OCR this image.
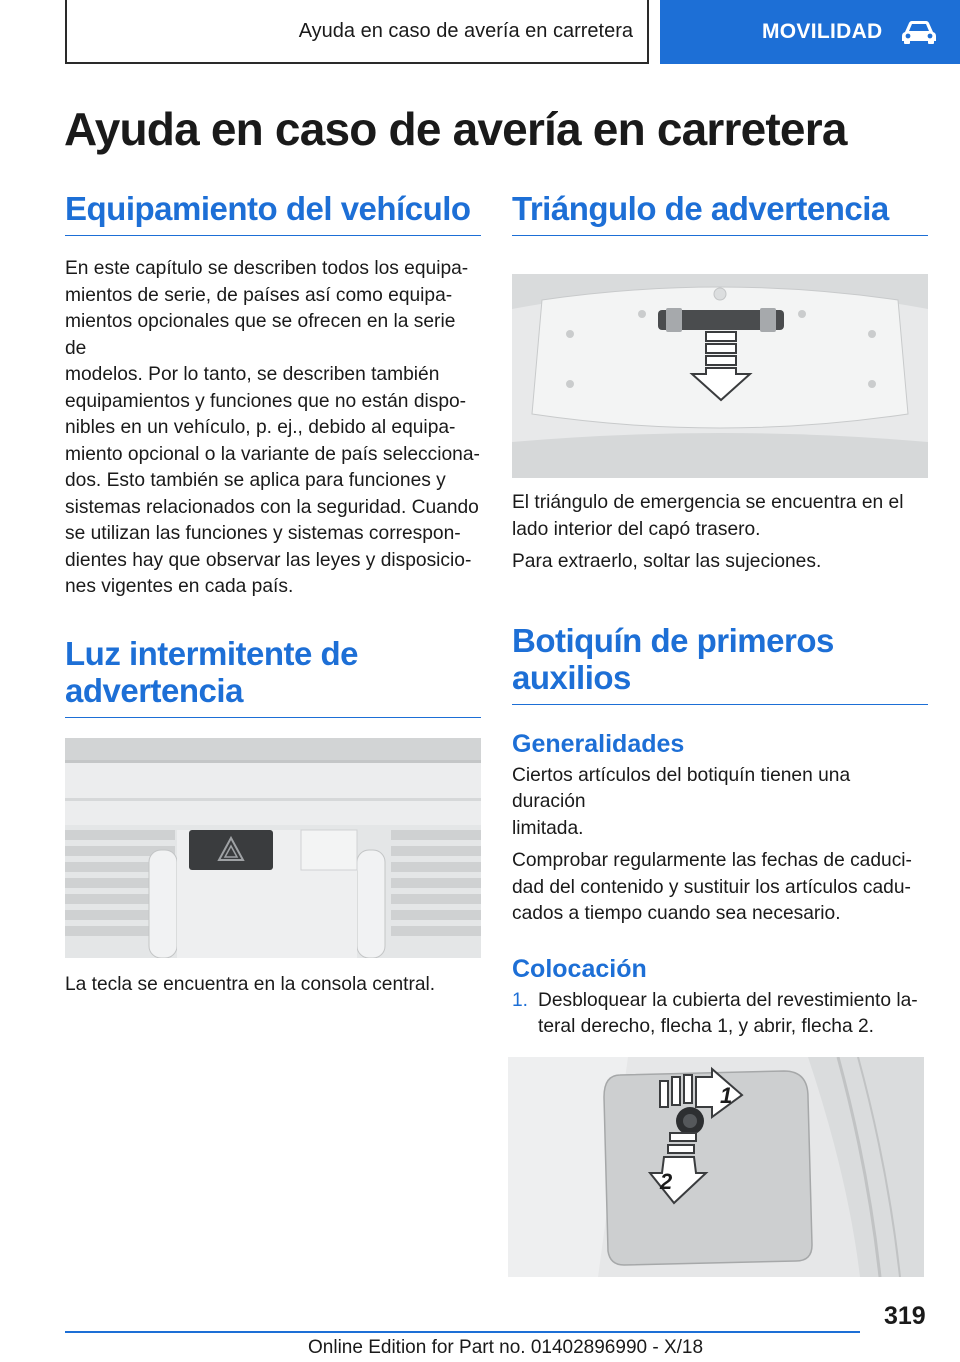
Ayuda en caso de avería en carretera	MOVILIDAD
Ayuda en caso de avería en carretera
Equipamiento del vehículo

En este capítulo se describen todos los equipa-
mientos de serie, de países así como equipa-
mientos opcionales que se ofrecen en la serie de
modelos. Por lo tanto, se describen también
equipamientos y funciones que no están dispo-
nibles en un vehículo, p. ej., debido al equipa-
miento opcional o la variante de país selecciona-
dos. Esto también se aplica para funciones y
sistemas relacionados con la seguridad. Cuando
se utilizan las funciones y sistemas correspon-
dientes hay que observar las leyes y disposicio-
nes vigentes en cada país.

Luz intermitente de
advertencia

La tecla se encuentra en la consola central.

Triángulo de advertencia

El triángulo de emergencia se encuentra en el
lado interior del capó trasero.

Para extraerlo, soltar las sujeciones.

Botiquín de primeros
auxilios
Generalidades

Ciertos artículos del botiquín tienen una duración
limitada.

Comprobar regularmente las fechas de caduci-
dad del contenido y sustituir los artículos cadu-
cados a tiempo cuando sea necesario.

Colocación
1. Desbloquear la cubierta del revestimiento la-
teral derecho, flecha 1, y abrir, flecha 2.
1
2
319
Online Edition for Part no. 01402896990 - X/18
